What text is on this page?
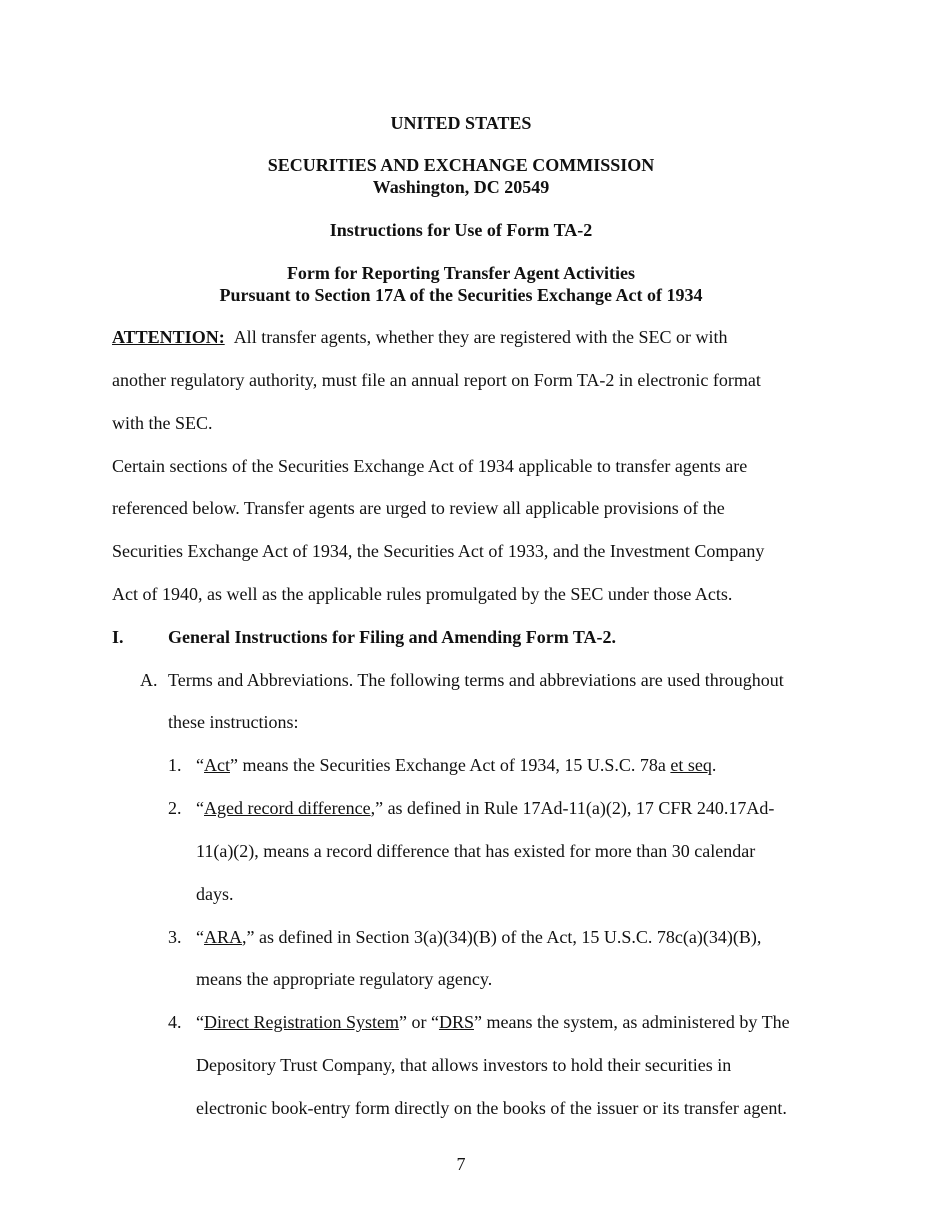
UNITED STATES
SECURITIES AND EXCHANGE COMMISSION
Washington, DC 20549
Instructions for Use of Form TA-2
Form for Reporting Transfer Agent Activities
Pursuant to Section 17A of the Securities Exchange Act of 1934
ATTENTION: All transfer agents, whether they are registered with the SEC or with
another regulatory authority, must file an annual report on Form TA-2 in electronic format
with the SEC.
Certain sections of the Securities Exchange Act of 1934 applicable to transfer agents are
referenced below. Transfer agents are urged to review all applicable provisions of the
Securities Exchange Act of 1934, the Securities Act of 1933, and the Investment Company
Act of 1940, as well as the applicable rules promulgated by the SEC under those Acts.
I. General Instructions for Filing and Amending Form TA-2.
A. Terms and Abbreviations. The following terms and abbreviations are used throughout
these instructions:
1. “Act” means the Securities Exchange Act of 1934, 15 U.S.C. 78a et seq.
2. “Aged record difference,” as defined in Rule 17Ad-11(a)(2), 17 CFR 240.17Ad-
11(a)(2), means a record difference that has existed for more than 30 calendar
days.
3. “ARA,” as defined in Section 3(a)(34)(B) of the Act, 15 U.S.C. 78c(a)(34)(B),
means the appropriate regulatory agency.
4. “Direct Registration System” or “DRS” means the system, as administered by The
Depository Trust Company, that allows investors to hold their securities in
electronic book-entry form directly on the books of the issuer or its transfer agent.
7
